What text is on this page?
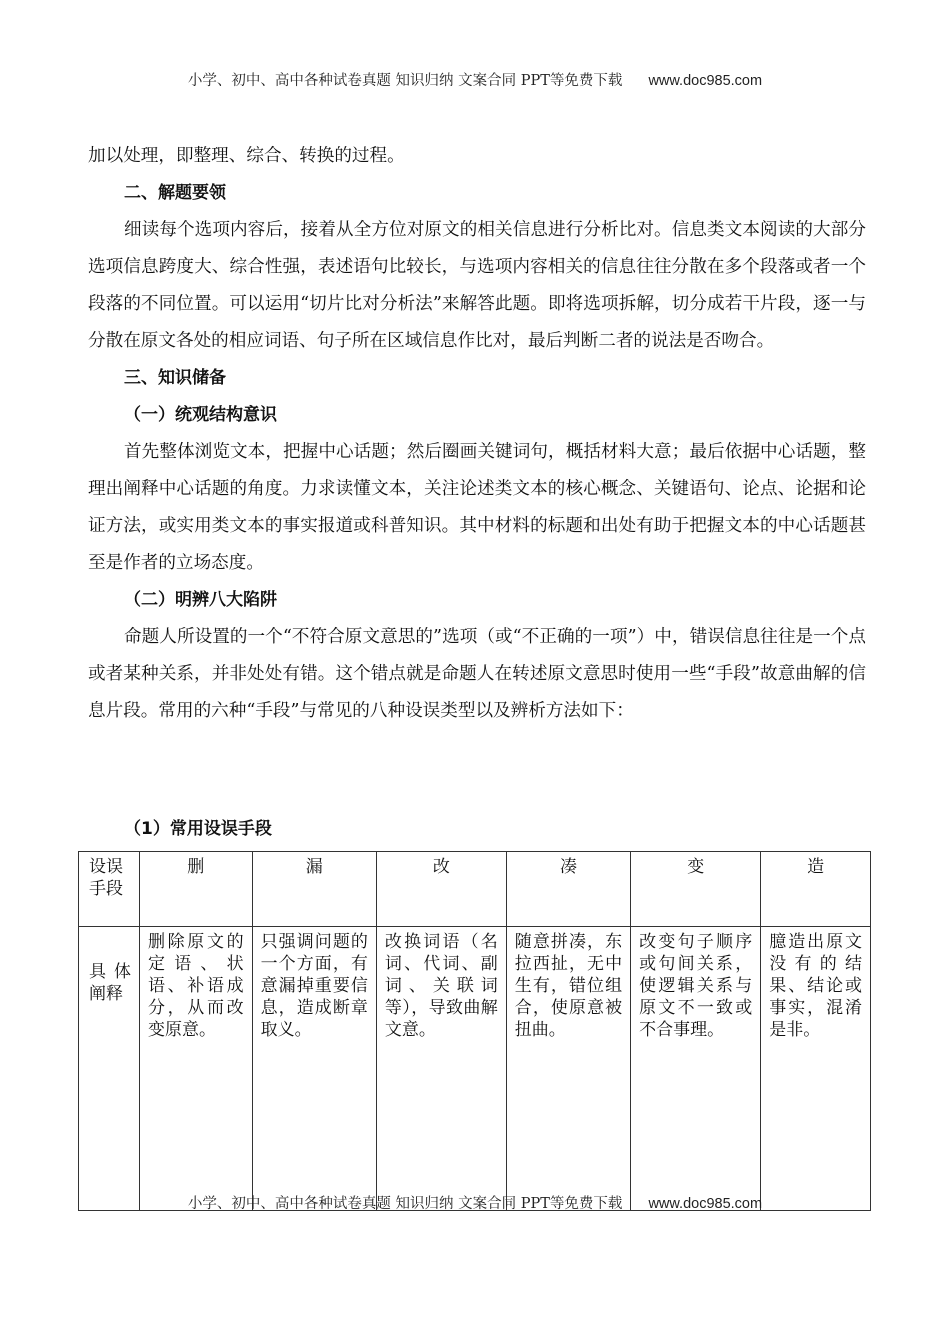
小学、初中、高中各种试卷真题 知识归纳 文案合同 PPT等免费下载 www.doc985.com

加以处理，即整理、综合、转换的过程。

二、解题要领

细读每个选项内容后，接着从全方位对原文的相关信息进行分析比对。信息类文本阅读的大部分选项信息跨度大、综合性强，表述语句比较长，与选项内容相关的信息往往分散在多个段落或者一个段落的不同位置。可以运用“切片比对分析法”来解答此题。即将选项拆解，切分成若干片段，逐一与分散在原文各处的相应词语、句子所在区域信息作比对，最后判断二者的说法是否吻合。

三、知识储备

（一）统观结构意识

首先整体浏览文本，把握中心话题；然后圈画关键词句，概括材料大意；最后依据中心话题，整理出阐释中心话题的角度。力求读懂文本，关注论述类文本的核心概念、关键语句、论点、论据和论证方法，或实用类文本的事实报道或科普知识。其中材料的标题和出处有助于把握文本的中心话题甚至是作者的立场态度。

（二）明辨八大陷阱

命题人所设置的一个“不符合原文意思的”选项（或“不正确的一项”）中，错误信息往往是一个点或者某种关系，并非处处有错。这个错点就是命题人在转述原文意思时使用一些“手段”故意曲解的信息片段。常用的六种“手段”与常见的八种设误类型以及辨析方法如下：

（1）常用设误手段
设误手段	删	漏	改	凑	变	造
具体阐释	删除原文的定语、状语、补语成分，从而改变原意。	只强调问题的一个方面，有意漏掉重要信息，造成断章取义。	改换词语（名词、代词、副词、关联词等），导致曲解文意。	随意拼凑，东拉西扯，无中生有，错位组合，使原意被扭曲。	改变句子顺序或句间关系，使逻辑关系与原文不一致或不合事理。	臆造出原文没有的结果、结论或事实，混淆是非。
小学、初中、高中各种试卷真题 知识归纳 文案合同 PPT等免费下载 www.doc985.com
